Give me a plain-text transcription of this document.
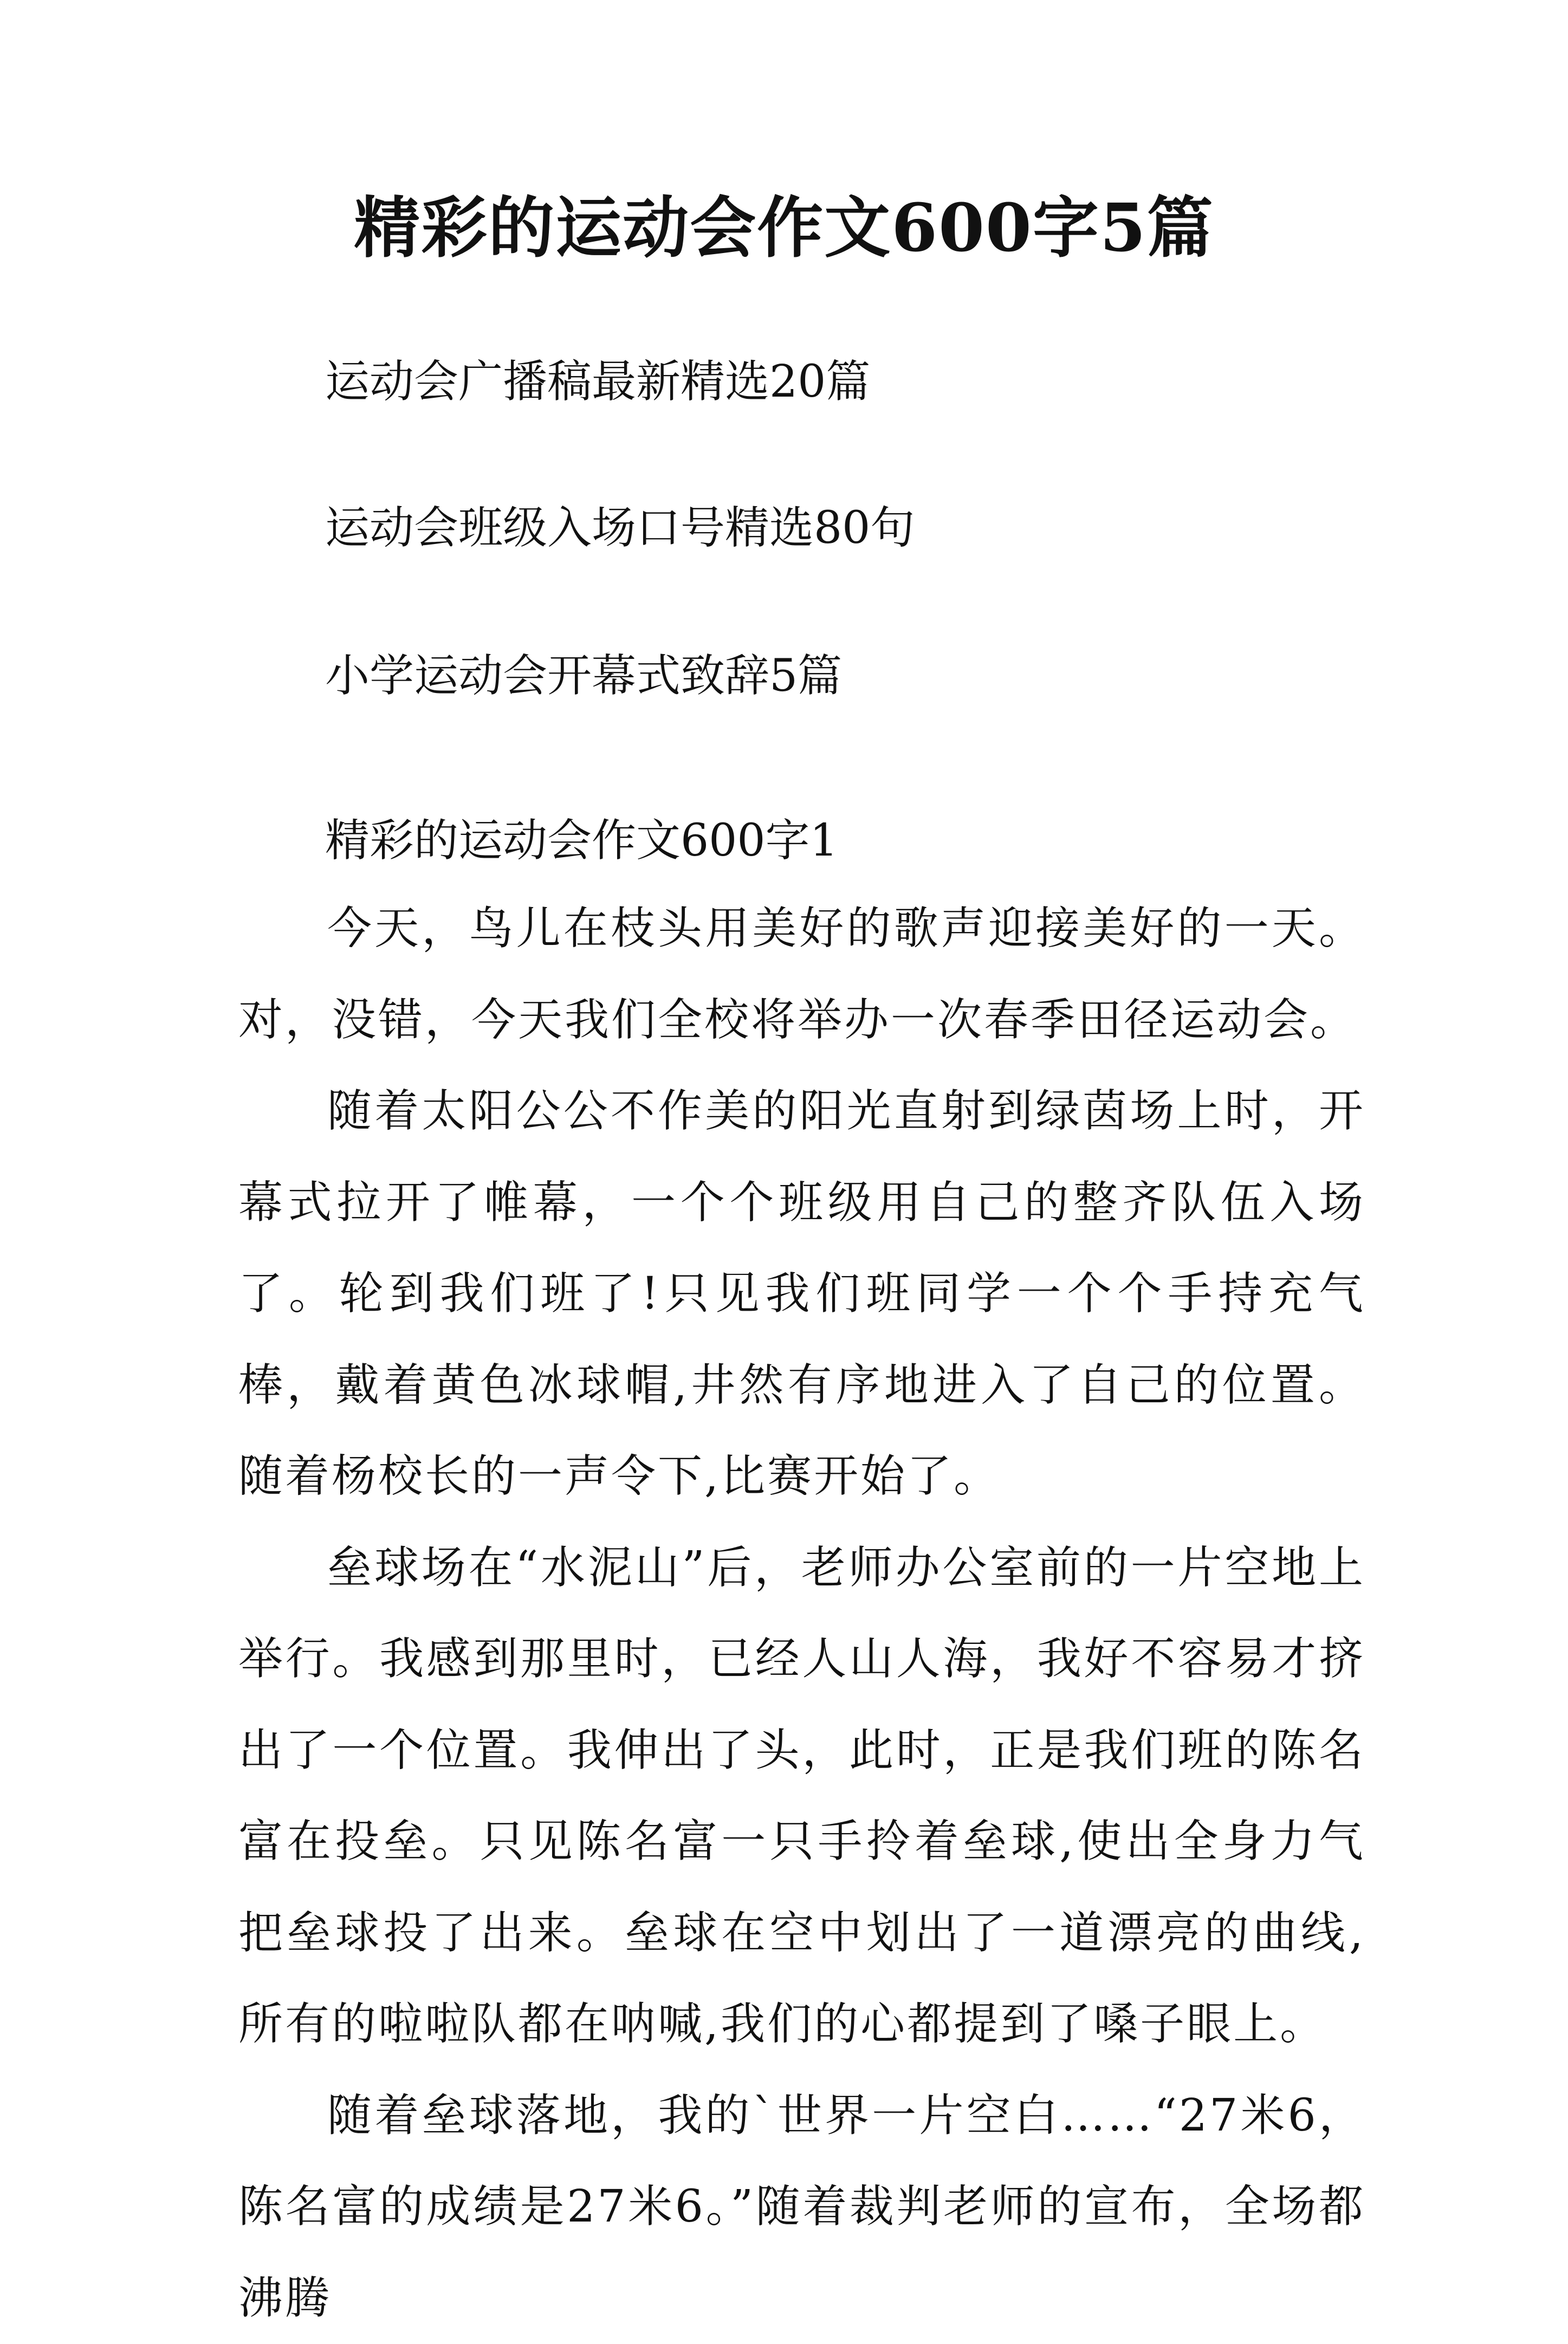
精彩的运动会作文600字5篇

运动会广播稿最新精选20篇

运动会班级入场口号精选80句

小学运动会开幕式致辞5篇

精彩的运动会作文600字1

今天，鸟儿在枝头用美好的歌声迎接美好的一天。对，没错，今天我们全校将举办一次春季田径运动会。

随着太阳公公不作美的阳光直射到绿茵场上时，开幕式拉开了帷幕，一个个班级用自己的整齐队伍入场了。轮到我们班了!只见我们班同学一个个手持充气棒，戴着黄色冰球帽,井然有序地进入了自己的位置。随着杨校长的一声令下,比赛开始了。

垒球场在“水泥山”后，老师办公室前的一片空地上举行。我感到那里时，已经人山人海，我好不容易才挤出了一个位置。我伸出了头，此时，正是我们班的陈名富在投垒。只见陈名富一只手拎着垒球,使出全身力气把垒球投了出来。垒球在空中划出了一道漂亮的曲线,所有的啦啦队都在呐喊,我们的心都提到了嗓子眼上。

随着垒球落地，我的`世界一片空白……“27米6，陈名富的成绩是27米6。”随着裁判老师的宣布，全场都沸腾
